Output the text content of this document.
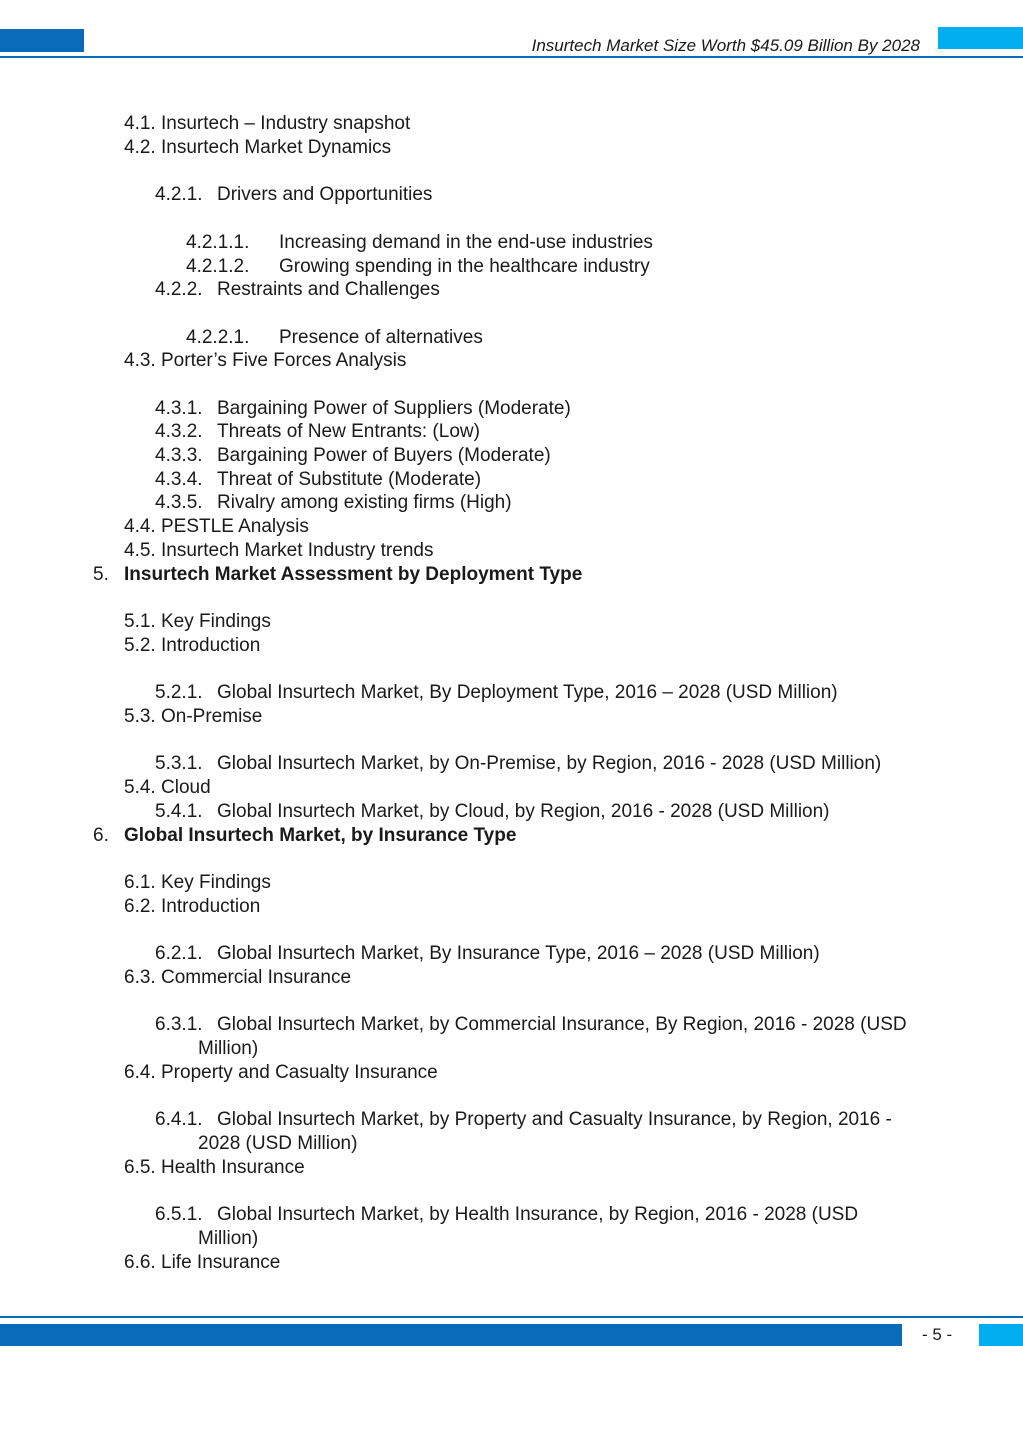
Insurtech Market Size Worth $45.09 Billion By 2028
4.1. Insurtech – Industry snapshot
4.2. Insurtech Market Dynamics
4.2.1. Drivers and Opportunities
4.2.1.1. Increasing demand in the end-use industries
4.2.1.2. Growing spending in the healthcare industry
4.2.2. Restraints and Challenges
4.2.2.1. Presence of alternatives
4.3. Porter’s Five Forces Analysis
4.3.1. Bargaining Power of Suppliers (Moderate)
4.3.2. Threats of New Entrants: (Low)
4.3.3. Bargaining Power of Buyers (Moderate)
4.3.4. Threat of Substitute (Moderate)
4.3.5. Rivalry among existing firms (High)
4.4. PESTLE Analysis
4.5. Insurtech Market Industry trends
5. Insurtech Market Assessment by Deployment Type
5.1. Key Findings
5.2. Introduction
5.2.1. Global Insurtech Market, By Deployment Type, 2016 – 2028 (USD Million)
5.3. On-Premise
5.3.1. Global Insurtech Market, by On-Premise, by Region, 2016 - 2028 (USD Million)
5.4. Cloud
5.4.1. Global Insurtech Market, by Cloud, by Region, 2016 - 2028 (USD Million)
6. Global Insurtech Market, by Insurance Type
6.1. Key Findings
6.2. Introduction
6.2.1. Global Insurtech Market, By Insurance Type, 2016 – 2028 (USD Million)
6.3. Commercial Insurance
6.3.1. Global Insurtech Market, by Commercial Insurance, By Region, 2016 - 2028 (USD
Million)
6.4. Property and Casualty Insurance
6.4.1. Global Insurtech Market, by Property and Casualty Insurance, by Region, 2016 -
2028 (USD Million)
6.5. Health Insurance
6.5.1. Global Insurtech Market, by Health Insurance, by Region, 2016 - 2028 (USD
Million)
6.6. Life Insurance
- 5 -
